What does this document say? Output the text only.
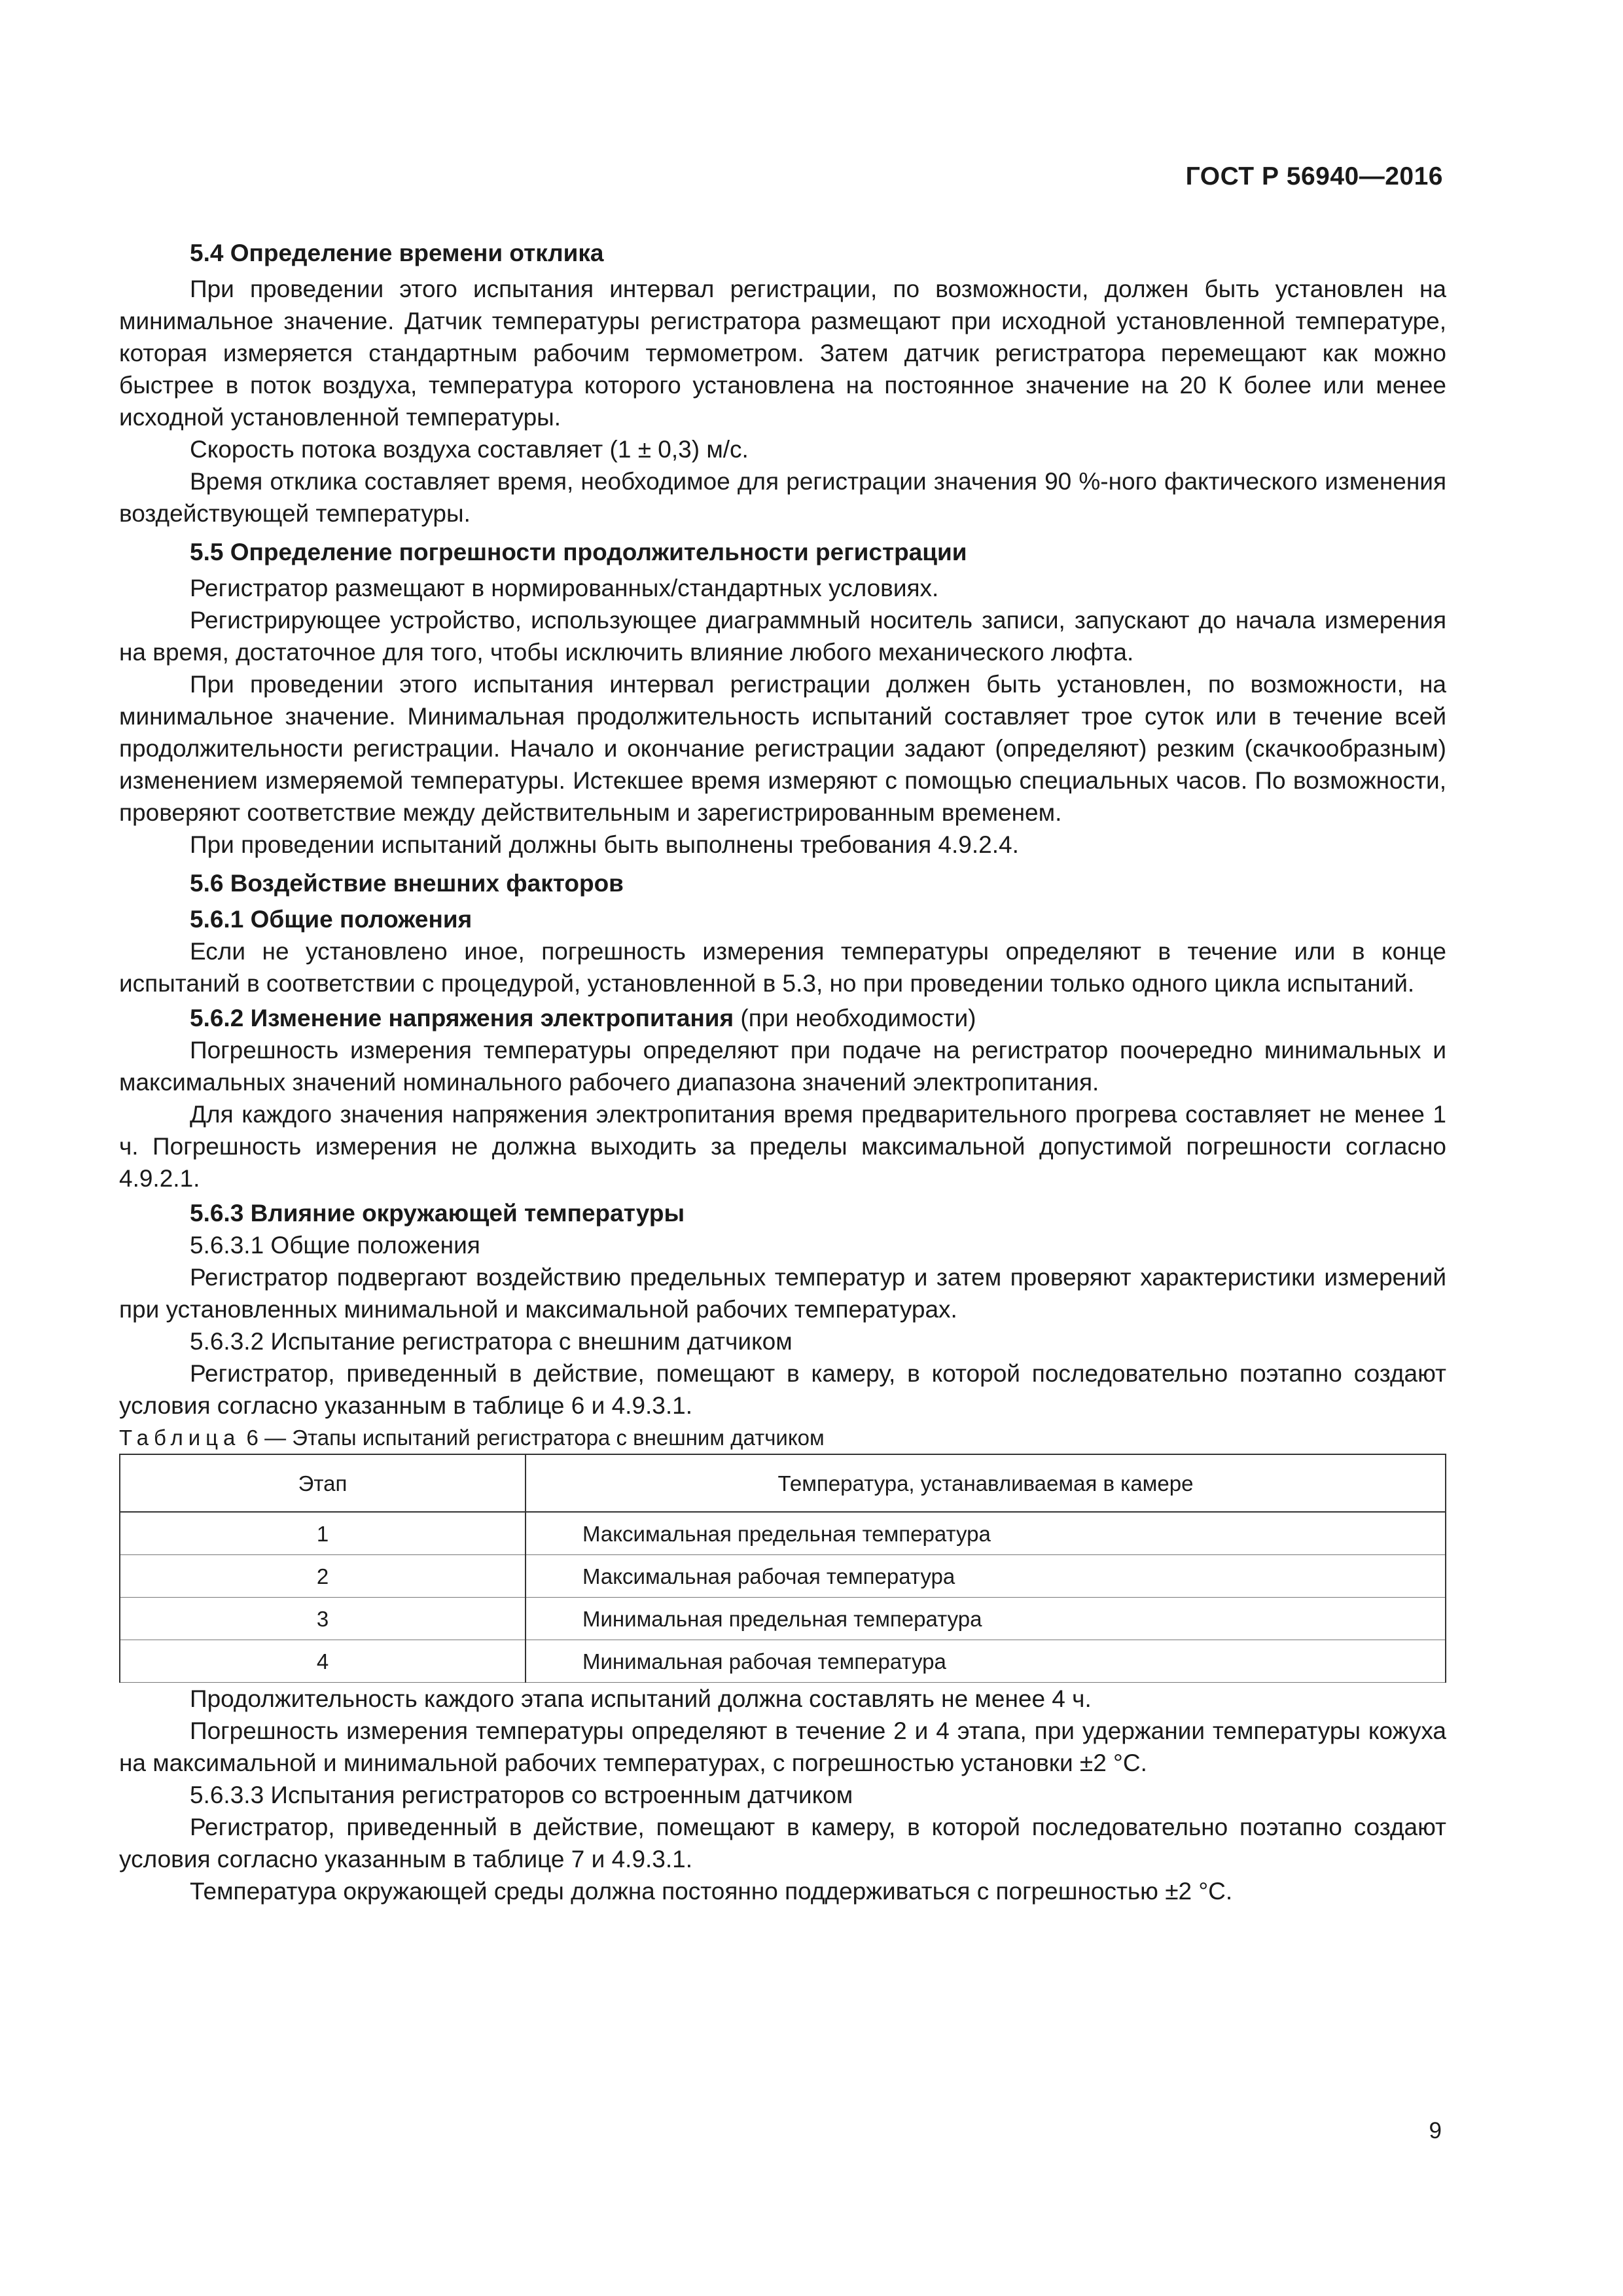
ГОСТ Р 56940—2016
5.4 Определение времени отклика

При проведении этого испытания интервал регистрации, по возможности, должен быть установлен на минимальное значение. Датчик температуры регистратора размещают при исходной установленной температуре, которая измеряется стандартным рабочим термометром. Затем датчик регистратора перемещают как можно быстрее в поток воздуха, температура которого установлена на постоянное значение на 20 К более или менее исходной установленной температуры.

Скорость потока воздуха составляет (1 ± 0,3) м/с.

Время отклика составляет время, необходимое для регистрации значения 90 %-ного фактического изменения воздействующей температуры.

5.5 Определение погрешности продолжительности регистрации

Регистратор размещают в нормированных/стандартных условиях.

Регистрирующее устройство, использующее диаграммный носитель записи, запускают до начала измерения на время, достаточное для того, чтобы исключить влияние любого механического люфта.

При проведении этого испытания интервал регистрации должен быть установлен, по возможности, на минимальное значение. Минимальная продолжительность испытаний составляет трое суток или в течение всей продолжительности регистрации. Начало и окончание регистрации задают (определяют) резким (скачкообразным) изменением измеряемой температуры. Истекшее время измеряют с помощью специальных часов. По возможности, проверяют соответствие между действительным и зарегистрированным временем.

При проведении испытаний должны быть выполнены требования 4.9.2.4.

5.6 Воздействие внешних факторов
5.6.1 Общие положения

Если не установлено иное, погрешность измерения температуры определяют в течение или в конце испытаний в соответствии с процедурой, установленной в 5.3, но при проведении только одного цикла испытаний.

5.6.2 Изменение напряжения электропитания (при необходимости)

Погрешность измерения температуры определяют при подаче на регистратор поочередно минимальных и максимальных значений номинального рабочего диапазона значений электропитания.

Для каждого значения напряжения электропитания время предварительного прогрева составляет не менее 1 ч. Погрешность измерения не должна выходить за пределы максимальной допустимой погрешности согласно 4.9.2.1.

5.6.3 Влияние окружающей температуры

5.6.3.1 Общие положения

Регистратор подвергают воздействию предельных температур и затем проверяют характеристики измерений при установленных минимальной и максимальной рабочих температурах.

5.6.3.2 Испытание регистратора с внешним датчиком

Регистратор, приведенный в действие, помещают в камеру, в которой последовательно поэтапно создают условия согласно указанным в таблице 6 и 4.9.3.1.

Таблица 6 — Этапы испытаний регистратора с внешним датчиком

Этап	Температура, устанавливаемая в камере
1	Максимальная предельная температура
2	Максимальная рабочая температура
3	Минимальная предельная температура
4	Минимальная рабочая температура

Продолжительность каждого этапа испытаний должна составлять не менее 4 ч.

Погрешность измерения температуры определяют в течение 2 и 4 этапа, при удержании температуры кожуха на максимальной и минимальной рабочих температурах, с погрешностью установки ±2 °С.

5.6.3.3 Испытания регистраторов со встроенным датчиком

Регистратор, приведенный в действие, помещают в камеру, в которой последовательно поэтапно создают условия согласно указанным в таблице 7 и 4.9.3.1.

Температура окружающей среды должна постоянно поддерживаться с погрешностью ±2 °С.

9
